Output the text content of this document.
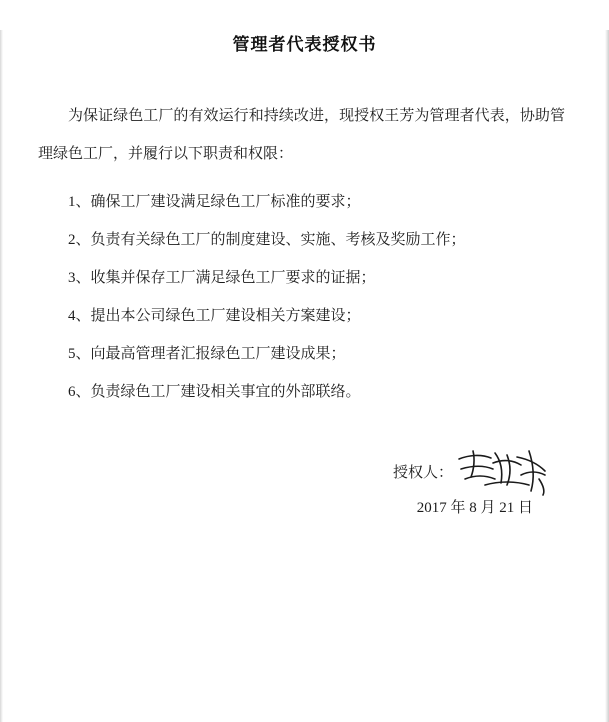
管理者代表授权书

为保证绿色工厂的有效运行和持续改进，现授权王芳为管理者代表，协助管理绿色工厂，并履行以下职责和权限：

1、确保工厂建设满足绿色工厂标准的要求；

2、负责有关绿色工厂的制度建设、实施、考核及奖励工作；

3、收集并保存工厂满足绿色工厂要求的证据；

4、提出本公司绿色工厂建设相关方案建设；

5、向最高管理者汇报绿色工厂建设成果；

6、负责绿色工厂建设相关事宜的外部联络。

授权人：
2017 年 8 月 21 日
